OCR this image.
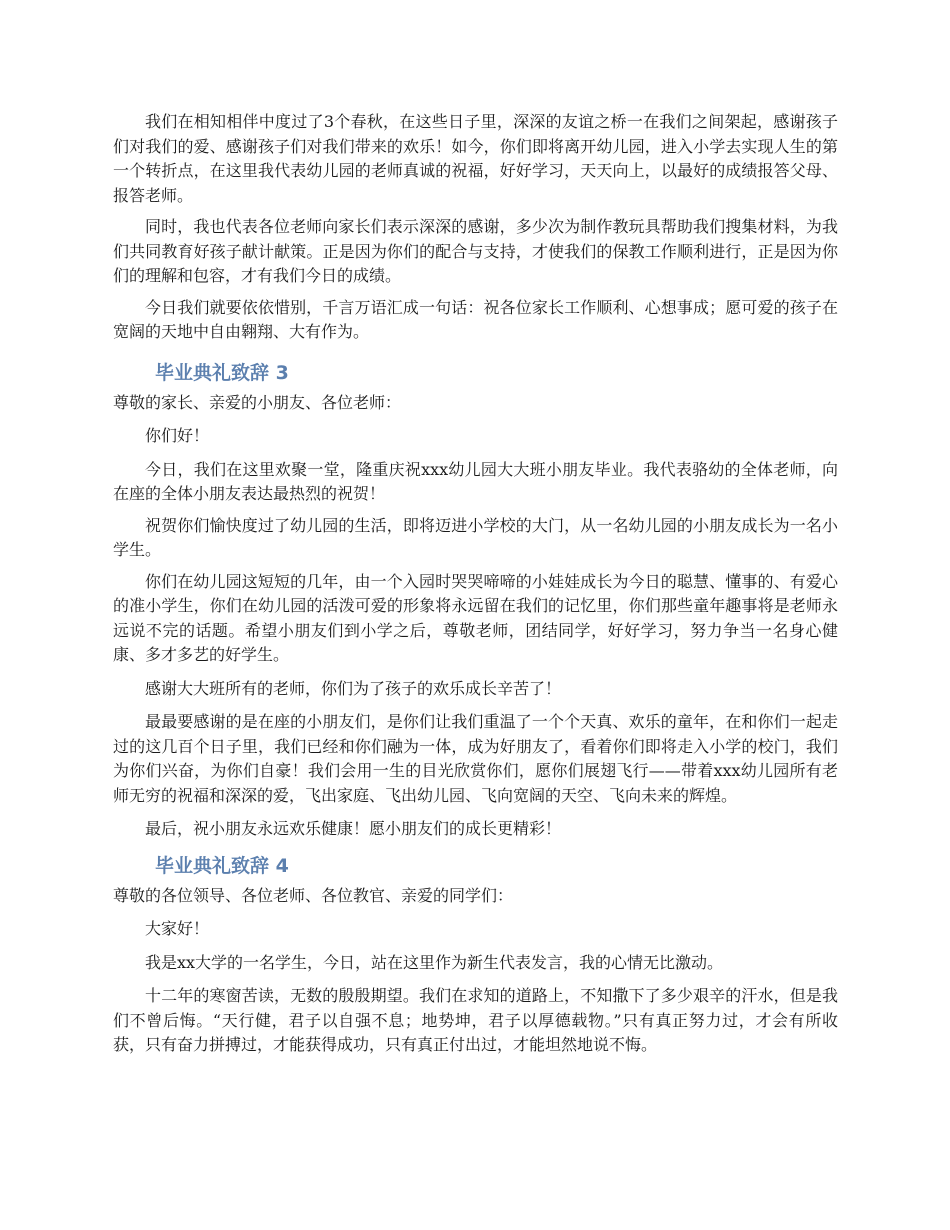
我们在相知相伴中度过了3个春秋，在这些日子里，深深的友谊之桥一在我们之间架起，感谢孩子们对我们的爱、感谢孩子们对我们带来的欢乐！如今，你们即将离开幼儿园，进入小学去实现人生的第一个转折点，在这里我代表幼儿园的老师真诚的祝福，好好学习，天天向上，以最好的成绩报答父母、报答老师。

同时，我也代表各位老师向家长们表示深深的感谢，多少次为制作教玩具帮助我们搜集材料，为我们共同教育好孩子献计献策。正是因为你们的配合与支持，才使我们的保教工作顺利进行，正是因为你们的理解和包容，才有我们今日的成绩。

今日我们就要依依惜别，千言万语汇成一句话：祝各位家长工作顺利、心想事成；愿可爱的孩子在宽阔的天地中自由翱翔、大有作为。

毕业典礼致辞 3

尊敬的家长、亲爱的小朋友、各位老师：

你们好！

今日，我们在这里欢聚一堂，隆重庆祝xxx幼儿园大大班小朋友毕业。我代表骆幼的全体老师，向在座的全体小朋友表达最热烈的祝贺！

祝贺你们愉快度过了幼儿园的生活，即将迈进小学校的大门，从一名幼儿园的小朋友成长为一名小学生。

你们在幼儿园这短短的几年，由一个入园时哭哭啼啼的小娃娃成长为今日的聪慧、懂事的、有爱心的准小学生，你们在幼儿园的活泼可爱的形象将永远留在我们的记忆里，你们那些童年趣事将是老师永远说不完的话题。希望小朋友们到小学之后，尊敬老师，团结同学，好好学习，努力争当一名身心健康、多才多艺的好学生。

感谢大大班所有的老师，你们为了孩子的欢乐成长辛苦了！

最最要感谢的是在座的小朋友们，是你们让我们重温了一个个天真、欢乐的童年，在和你们一起走过的这几百个日子里，我们已经和你们融为一体，成为好朋友了，看着你们即将走入小学的校门，我们为你们兴奋，为你们自豪！我们会用一生的目光欣赏你们，愿你们展翅飞行——带着xxx幼儿园所有老师无穷的祝福和深深的爱，飞出家庭、飞出幼儿园、飞向宽阔的天空、飞向未来的辉煌。

最后，祝小朋友永远欢乐健康！愿小朋友们的成长更精彩！

毕业典礼致辞 4

尊敬的各位领导、各位老师、各位教官、亲爱的同学们：

大家好！

我是xx大学的一名学生，今日，站在这里作为新生代表发言，我的心情无比激动。

十二年的寒窗苦读，无数的殷殷期望。我们在求知的道路上，不知撒下了多少艰辛的汗水，但是我们不曾后悔。“天行健，君子以自强不息；地势坤，君子以厚德载物。”只有真正努力过，才会有所收获，只有奋力拼搏过，才能获得成功，只有真正付出过，才能坦然地说不悔。
